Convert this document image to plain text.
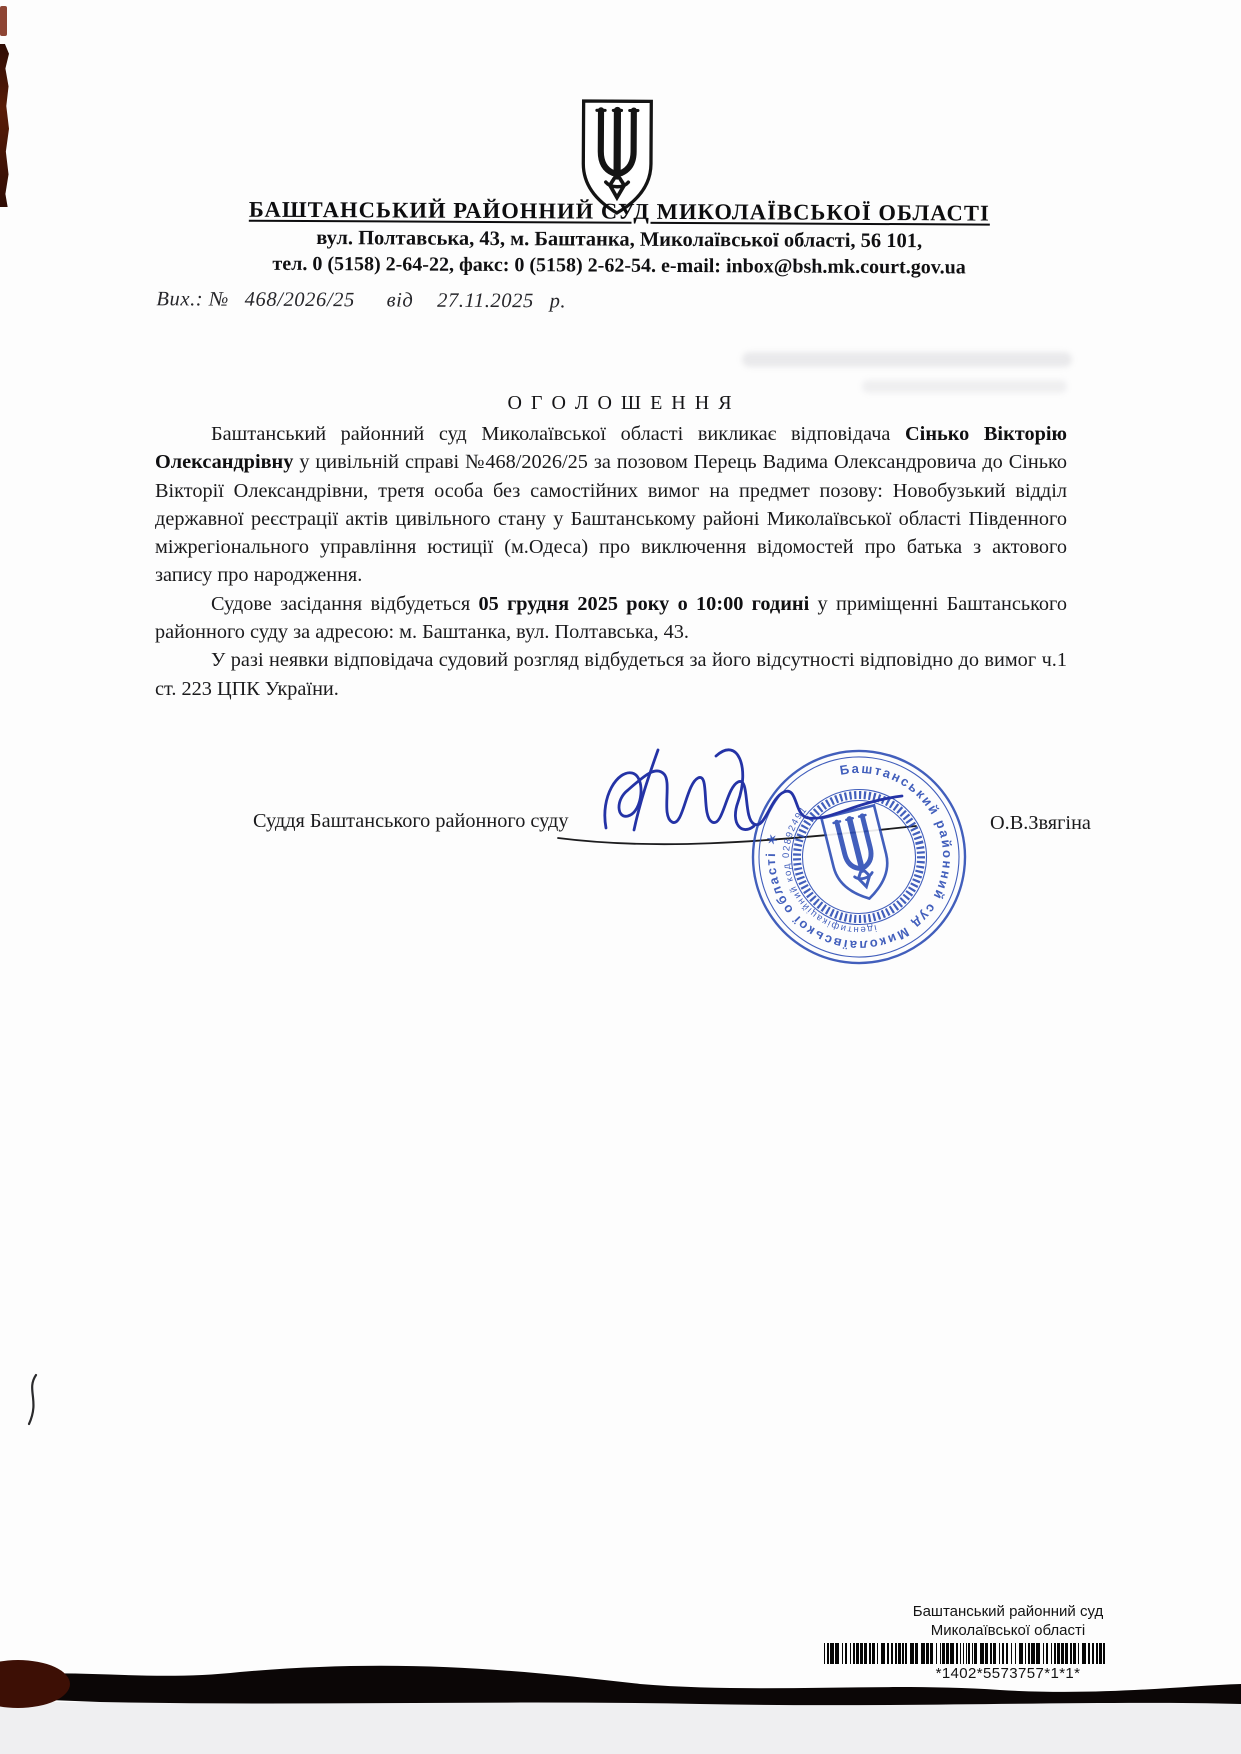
БАШТАНСЬКИЙ РАЙОННИЙ СУД МИКОЛАЇВСЬКОЇ ОБЛАСТІ
вул. Полтавська, 43, м. Баштанка, Миколаївської області, 56 101,
тел. 0 (5158) 2-64-22, факс: 0 (5158) 2-62-54. e-mail: inbox@bsh.mk.court.gov.ua
Вих.: № 468/2026/25 від 27.11.2025 р.
О Г О Л О Ш Е Н Н Я

Баштанський районний суд Миколаївської області викликає відповідача Сінько Вікторію Олександрівну у цивільній справі №468/2026/25 за позовом Перець Вадима Олександровича до Сінько Вікторії Олександрівни, третя особа без самостійних вимог на предмет позову: Новобузький відділ державної реєстрації актів цивільного стану у Баштанському районі Миколаївської області Південного міжрегіонального управління юстиції (м.Одеса) про виключення відомостей про батька з актового запису про народження.

Судове засідання відбудеться 05 грудня 2025 року о 10:00 годині у приміщенні Баштанського районного суду за адресою: м. Баштанка, вул. Полтавська, 43.

У разі неявки відповідача судовий розгляд відбудеться за його відсутності відповідно до вимог ч.1 ст. 223 ЦПК України.

Суддя Баштанського районного суду	О.В.Звягіна
Баштанський районний суд Миколаївської області ✶
ідентифікаційний код 02892491
Баштанський районний суд
Миколаївської області
*1402*5573757*1*1*
